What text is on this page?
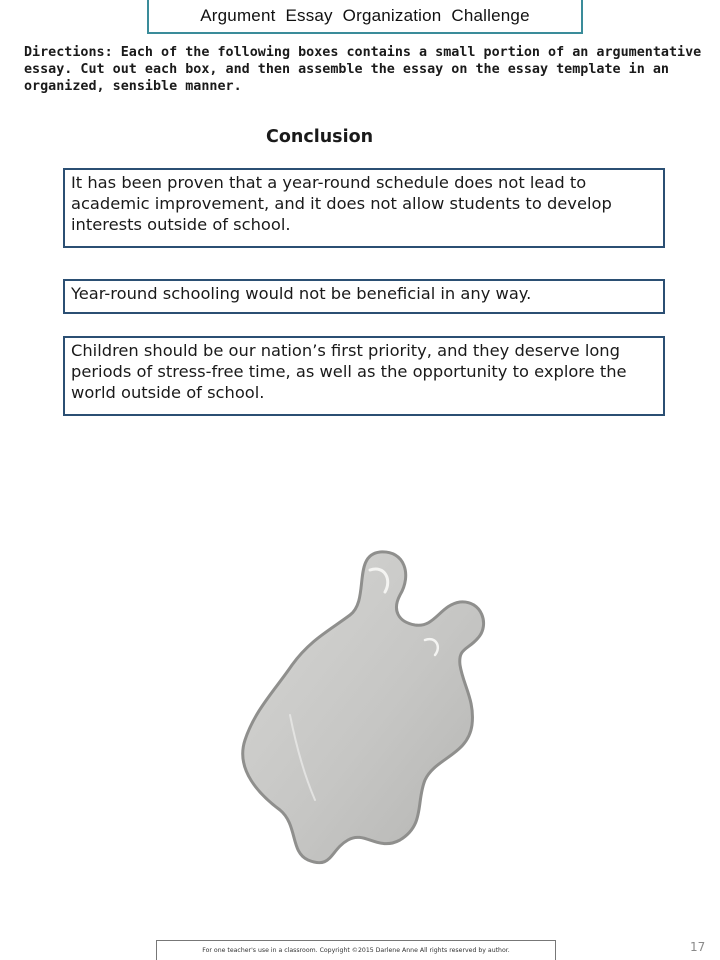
Argument Essay Organization Challenge
Directions: Each of the following boxes contains a small portion of an argumentative essay. Cut out each box, and then assemble the essay on the essay template in an organized, sensible manner.
Conclusion
It has been proven that a year-round schedule does not lead to academic improvement, and it does not allow students to develop interests outside of school.
Year-round schooling would not be beneficial in any way.
Children should be our nation’s first priority, and they deserve long periods of stress-free time, as well as the opportunity to explore the world outside of school.
For one teacher's use in a classroom. Copyright ©2015 Darlene Anne All rights reserved by author.	17
